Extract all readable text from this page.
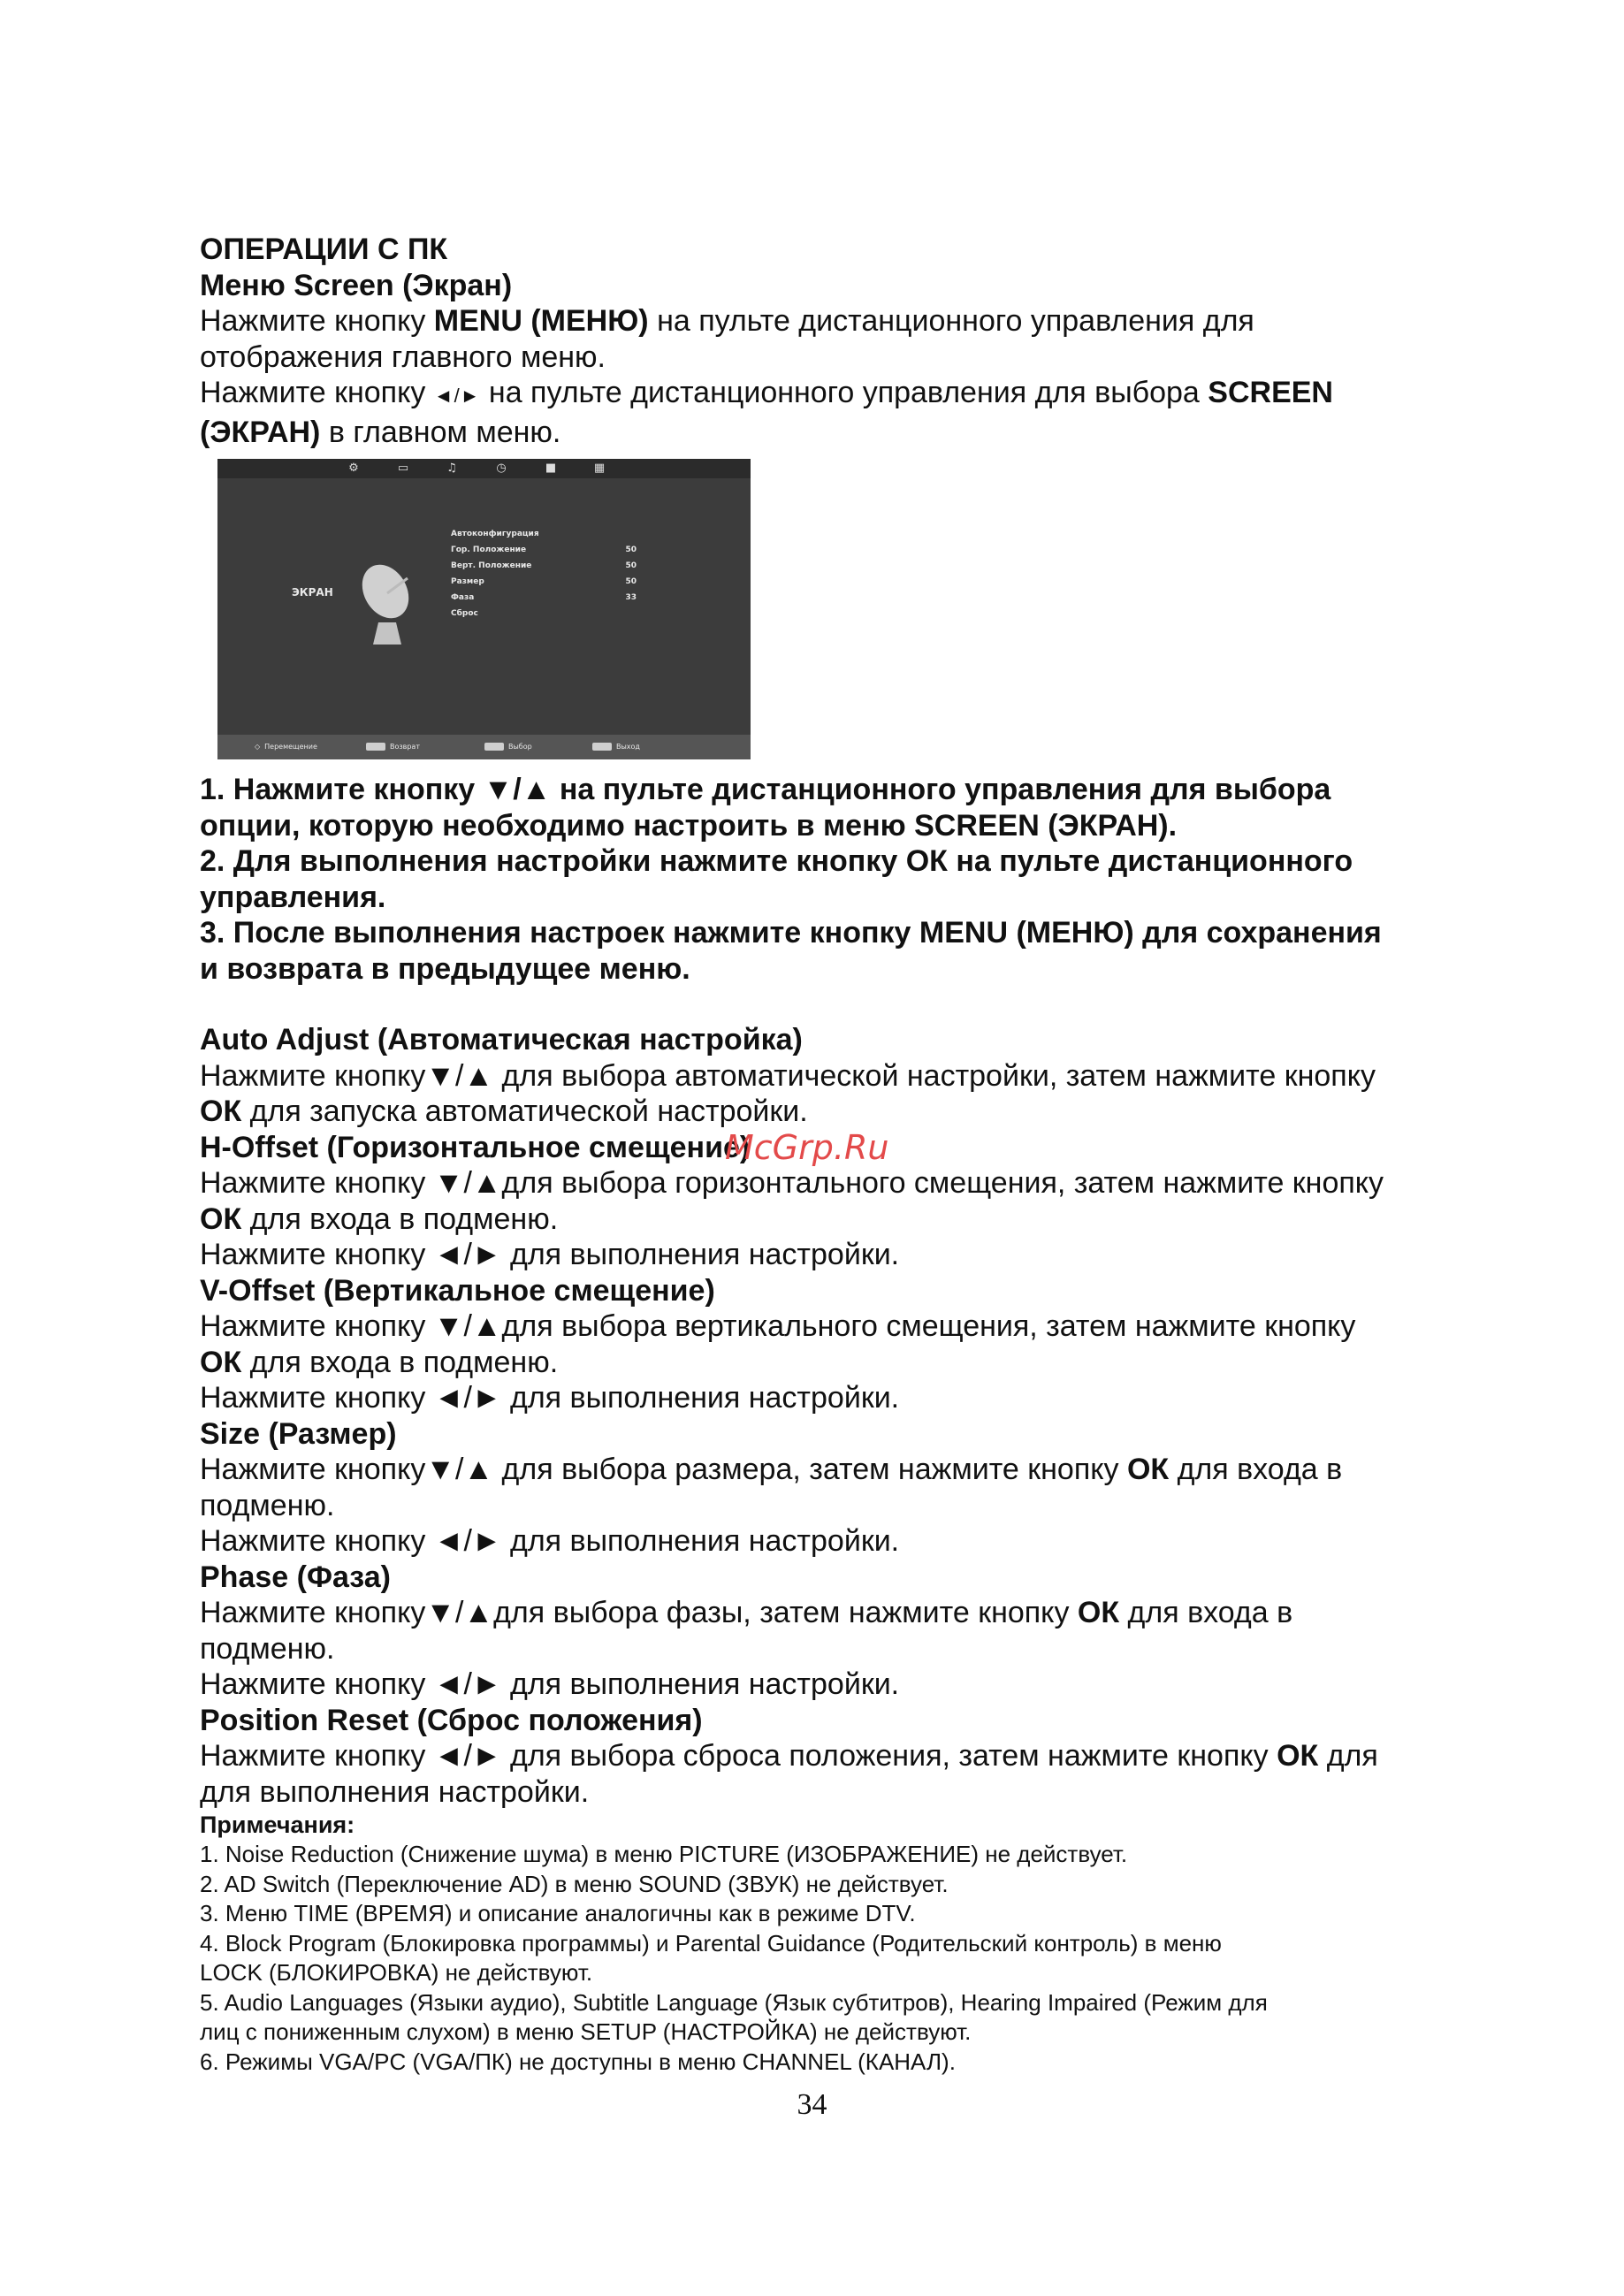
ОПЕРАЦИИ С ПК
Меню Screen (Экран)
Нажмите кнопку MENU (МЕНЮ) на пульте дистанционного управления для
отображения главного меню.
Нажмите кнопку ◄/► на пульте дистанционного управления для выбора SCREEN
(ЭКРАН) в главном меню.
⚙	▭	♫	◷	■	▦
ЭКРАН
Автоконфигурация
Гор. Положение	50
Верт. Положение	50
Размер	50
Фаза	33
Сброс
◇ Перемещение	Возврат	Выбор	Выход
1. Нажмите кнопку ▼/▲ на пульте дистанционного управления для выбора
опции, которую необходимо настроить в меню SCREEN (ЭКРАН).
2. Для выполнения настройки нажмите кнопку ОК на пульте дистанционного
управления.
3. После выполнения настроек нажмите кнопку MENU (МЕНЮ) для сохранения
и возврата в предыдущее меню.
Auto Adjust (Автоматическая настройка)
Нажмите кнопку▼/▲ для выбора автоматической настройки, затем нажмите кнопку
ОК для запуска автоматической настройки.
H-Offset (Горизонтальное смещение)
Нажмите кнопку ▼/▲для выбора горизонтального смещения, затем нажмите кнопку
ОК для входа в подменю.
Нажмите кнопку ◄/► для выполнения настройки.
V-Offset (Вертикальное смещение)
Нажмите кнопку ▼/▲для выбора вертикального смещения, затем нажмите кнопку
ОК для входа в подменю.
Нажмите кнопку ◄/► для выполнения настройки.
Size (Размер)
Нажмите кнопку▼/▲ для выбора размера, затем нажмите кнопку ОК для входа в
подменю.
Нажмите кнопку ◄/► для выполнения настройки.
Phase (Фаза)
Нажмите кнопку▼/▲для выбора фазы, затем нажмите кнопку ОК для входа в
подменю.
Нажмите кнопку ◄/► для выполнения настройки.
Position Reset (Сброс положения)
Нажмите кнопку ◄/► для выбора сброса положения, затем нажмите кнопку ОК для
для выполнения настройки.
Примечания:
1. Noise Reduction (Снижение шума) в меню PICTURE (ИЗОБРАЖЕНИЕ) не действует.
2. AD Switch (Переключение AD) в меню SOUND (ЗВУК) не действует.
3. Меню TIME (ВРЕМЯ) и описание аналогичны как в режиме DTV.
4. Block Program (Блокировка программы) и Parental Guidance (Родительский контроль) в меню
LOCK (БЛОКИРОВКА) не действуют.
5. Audio Languages (Языки аудио), Subtitle Language (Язык субтитров), Hearing Impaired (Режим для
лиц с пониженным слухом) в меню SETUP (НАСТРОЙКА) не действуют.
6. Режимы VGA/PC (VGA/ПК) не доступны в меню CHANNEL (КАНАЛ).
McGrp.Ru
34
